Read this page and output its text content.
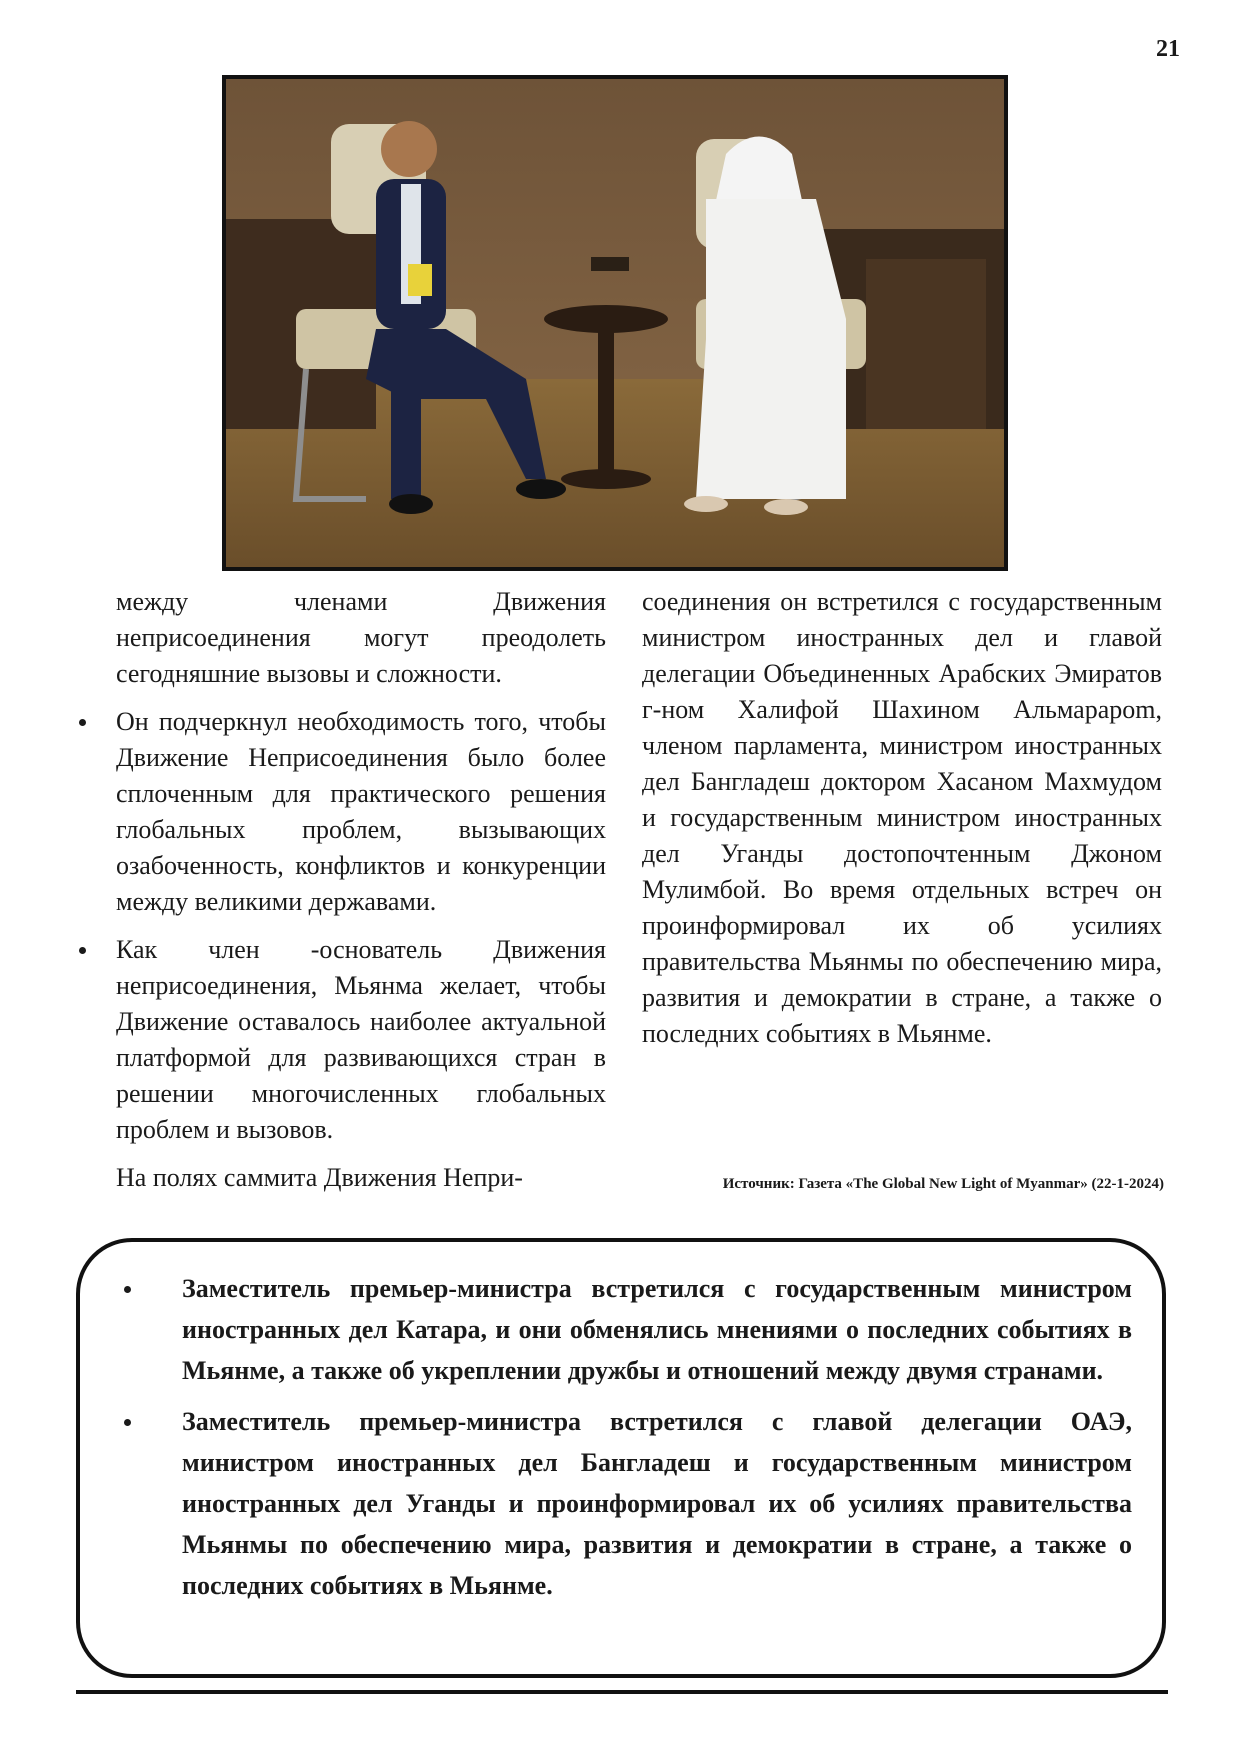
21

между членами Движения неприсоединения могут преодолеть сегодняшние вызовы и сложности.

Он подчеркнул необходимость того, чтобы Движение Неприсоединения было более сплоченным для практического решения глобальных проблем, вызывающих озабоченность, конфликтов и конкуренции между великими державами.
Как член -основатель Движения неприсоединения, Мьянма желает, чтобы Движение оставалось наиболее актуальной платформой для развивающихся стран в решении многочисленных глобальных проблем и вызовов.

На полях саммита Движения Непри-

соединения он встретился с государственным министром иностранных дел и главой делегации Объединенных Арабских Эмиратов г-ном Халифой Шахином Альмарароm, членом парламента, министром иностранных дел Бангладеш доктором Хасаном Махмудом и государственным министром иностранных дел Уганды достопочтенным Джоном Мулимбой. Во время отдельных встреч он проинформировал их об усилиях правительства Мьянмы по обеспечению мира, развития и демократии в стране, а также о последних событиях в Мьянме.

Источник: Газета «The Global New Light of Myanmar» (22-1-2024)
Заместитель премьер-министра встретился с государственным министром иностранных дел Катара, и они обменялись мнениями о последних событиях в Мьянме, а также об укреплении дружбы и отношений между двумя странами.
Заместитель премьер-министра встретился с главой делегации ОАЭ, министром иностранных дел Бангладеш и государственным министром иностранных дел Уганды и проинформировал их об усилиях правительства Мьянмы по обеспечению мира, развития и демократии в стране, а также о последних событиях в Мьянме.
